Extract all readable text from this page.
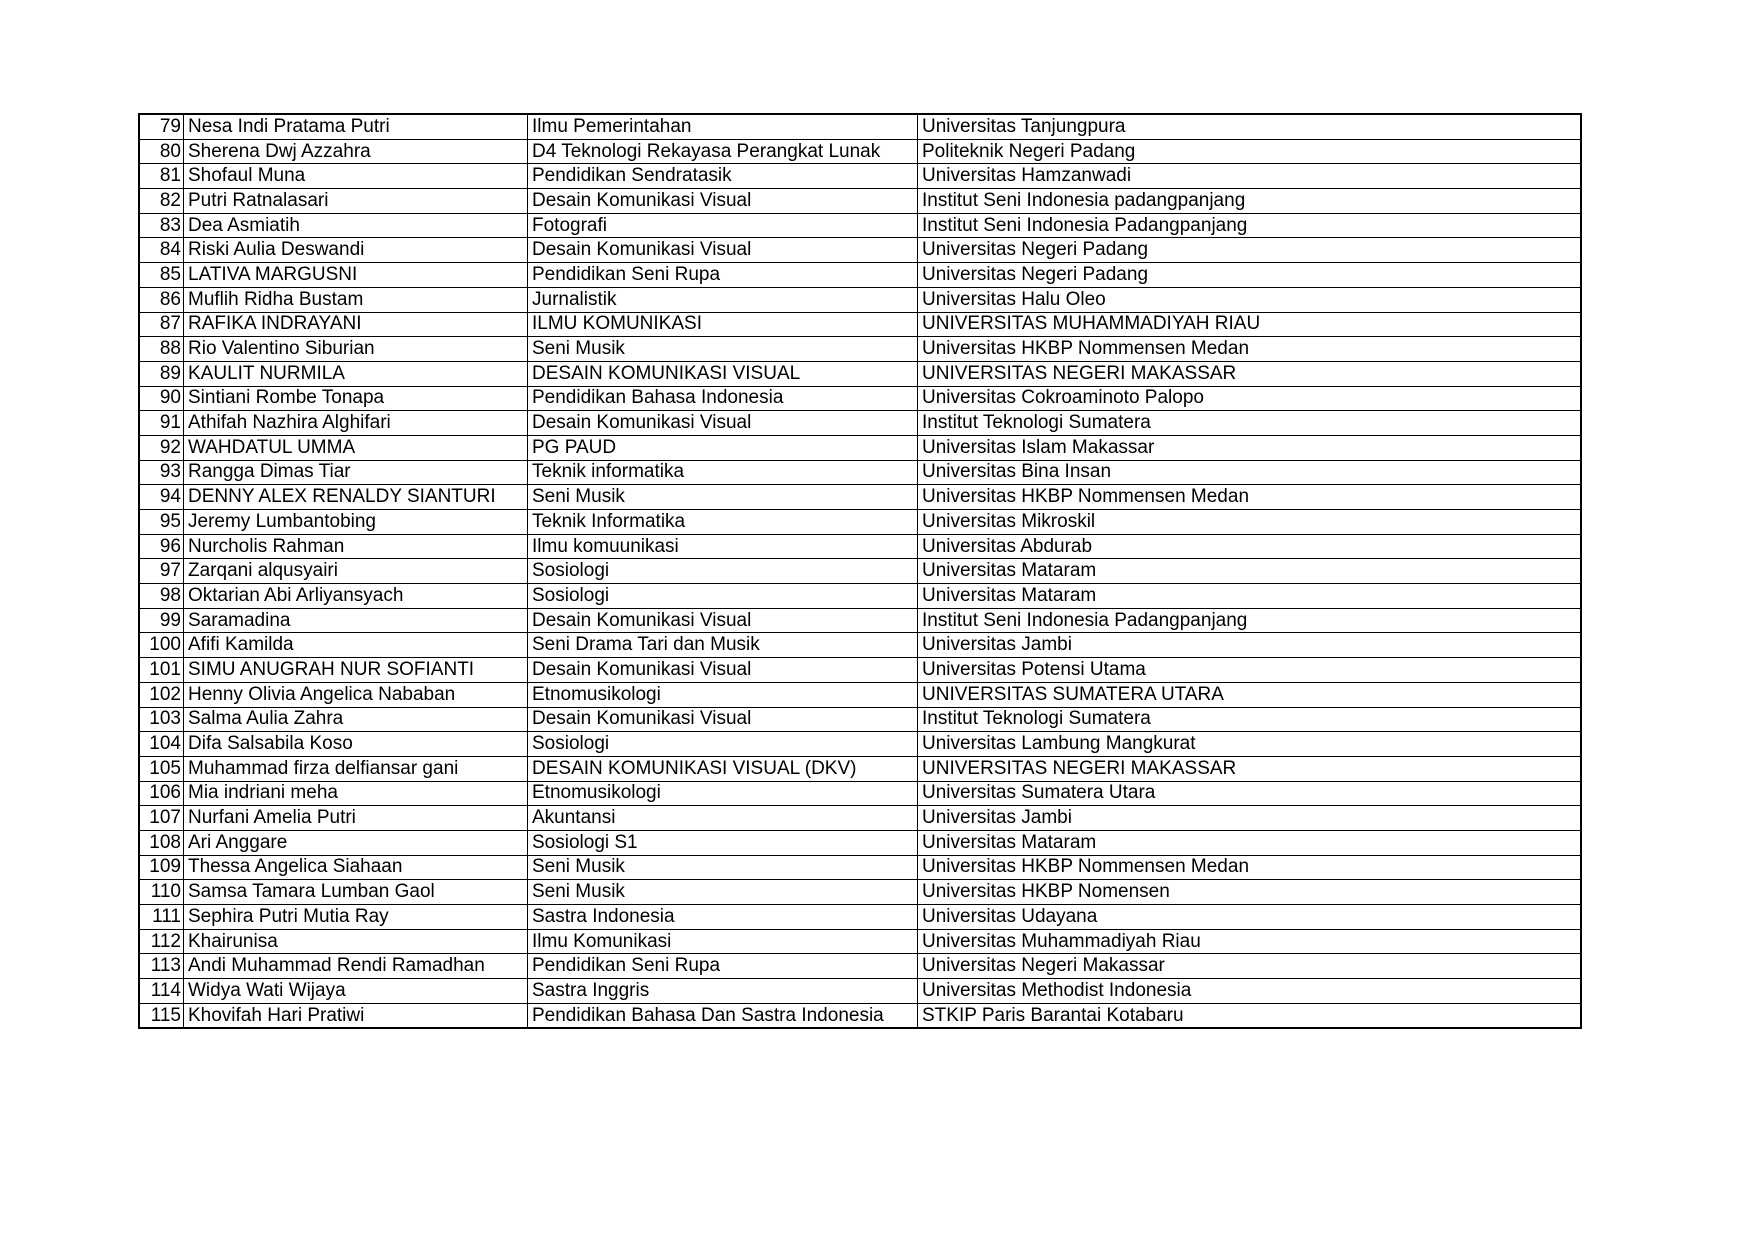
79	Nesa Indi Pratama Putri	Ilmu Pemerintahan	Universitas Tanjungpura
80	Sherena Dwj Azzahra	D4 Teknologi Rekayasa Perangkat Lunak	Politeknik Negeri Padang
81	Shofaul Muna	Pendidikan Sendratasik	Universitas Hamzanwadi
82	Putri Ratnalasari	Desain Komunikasi Visual	Institut Seni Indonesia padangpanjang
83	Dea Asmiatih	Fotografi	Institut Seni Indonesia Padangpanjang
84	Riski Aulia Deswandi	Desain Komunikasi Visual	Universitas Negeri Padang
85	LATIVA MARGUSNI	Pendidikan Seni Rupa	Universitas Negeri Padang
86	Muflih Ridha Bustam	Jurnalistik	Universitas Halu Oleo
87	RAFIKA INDRAYANI	ILMU KOMUNIKASI	UNIVERSITAS MUHAMMADIYAH RIAU
88	Rio Valentino Siburian	Seni Musik	Universitas HKBP Nommensen Medan
89	KAULIT NURMILA	DESAIN KOMUNIKASI VISUAL	UNIVERSITAS NEGERI MAKASSAR
90	Sintiani Rombe Tonapa	Pendidikan Bahasa Indonesia	Universitas Cokroaminoto Palopo
91	Athifah Nazhira Alghifari	Desain Komunikasi Visual	Institut Teknologi Sumatera
92	WAHDATUL UMMA	PG PAUD	Universitas Islam Makassar
93	Rangga Dimas Tiar	Teknik informatika	Universitas Bina Insan
94	DENNY ALEX RENALDY SIANTURI	Seni Musik	Universitas HKBP Nommensen Medan
95	Jeremy Lumbantobing	Teknik Informatika	Universitas Mikroskil
96	Nurcholis Rahman	Ilmu komuunikasi	Universitas Abdurab
97	Zarqani alqusyairi	Sosiologi	Universitas Mataram
98	Oktarian Abi Arliyansyach	Sosiologi	Universitas Mataram
99	Saramadina	Desain Komunikasi Visual	Institut Seni Indonesia Padangpanjang
100	Afifi Kamilda	Seni Drama Tari dan Musik	Universitas Jambi
101	SIMU ANUGRAH NUR SOFIANTI	Desain Komunikasi Visual	Universitas Potensi Utama
102	Henny Olivia Angelica Nababan	Etnomusikologi	UNIVERSITAS SUMATERA UTARA
103	Salma Aulia Zahra	Desain Komunikasi Visual	Institut Teknologi Sumatera
104	Difa Salsabila Koso	Sosiologi	Universitas Lambung Mangkurat
105	Muhammad firza delfiansar gani	DESAIN KOMUNIKASI VISUAL (DKV)	UNIVERSITAS NEGERI MAKASSAR
106	Mia indriani meha	Etnomusikologi	Universitas Sumatera Utara
107	Nurfani Amelia Putri	Akuntansi	Universitas Jambi
108	Ari Anggare	Sosiologi S1	Universitas Mataram
109	Thessa Angelica Siahaan	Seni Musik	Universitas HKBP Nommensen Medan
110	Samsa Tamara Lumban Gaol	Seni Musik	Universitas HKBP Nomensen
111	Sephira Putri Mutia Ray	Sastra Indonesia	Universitas Udayana
112	Khairunisa	Ilmu Komunikasi	Universitas Muhammadiyah Riau
113	Andi Muhammad Rendi Ramadhan	Pendidikan Seni Rupa	Universitas Negeri Makassar
114	Widya Wati Wijaya	Sastra Inggris	Universitas Methodist Indonesia
115	Khovifah Hari Pratiwi	Pendidikan Bahasa Dan Sastra Indonesia	STKIP Paris Barantai Kotabaru
